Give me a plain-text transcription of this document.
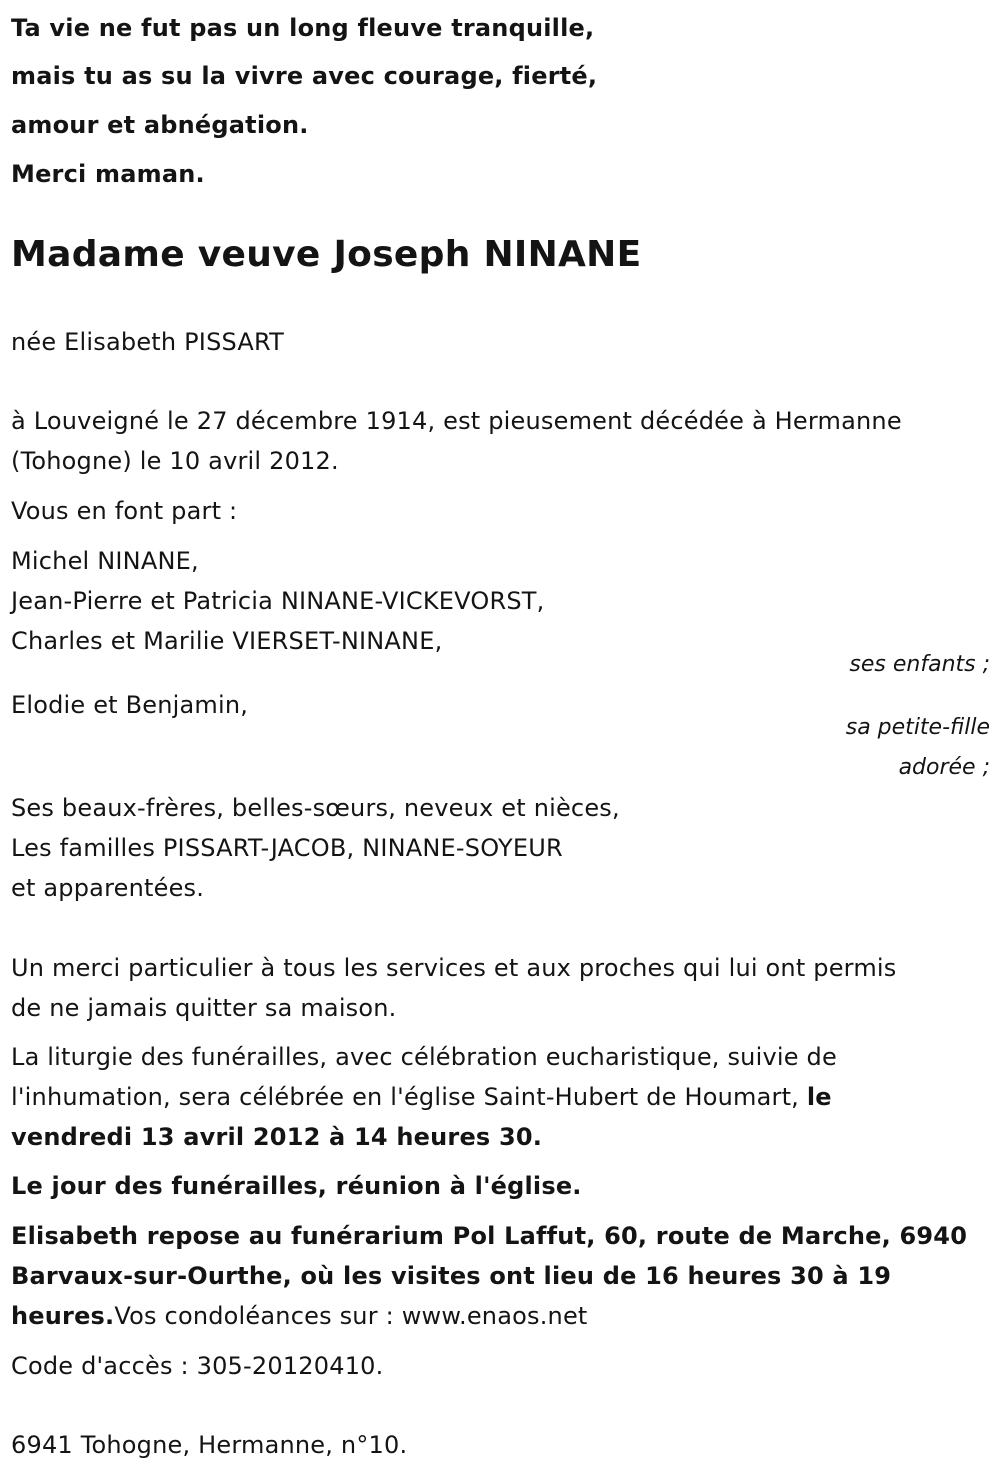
Ta vie ne fut pas un long fleuve tranquille,

mais tu as su la vivre avec courage, fierté,

amour et abnégation.

Merci maman.

Madame veuve Joseph NINANE

née Elisabeth PISSART

à Louveigné le 27 décembre 1914, est pieusement décédée à Hermanne

(Tohogne) le 10 avril 2012.

Vous en font part :

Michel NINANE,

Jean-Pierre et Patricia NINANE-VICKEVORST,

Charles et Marilie VIERSET-NINANE,

ses enfants ;

Elodie et Benjamin,

sa petite-fille

adorée ;

Ses beaux-frères, belles-sœurs, neveux et nièces,

Les familles PISSART-JACOB, NINANE-SOYEUR

et apparentées.

Un merci particulier à tous les services et aux proches qui lui ont permis

de ne jamais quitter sa maison.

La liturgie des funérailles, avec célébration eucharistique, suivie de

l'inhumation, sera célébrée en l'église Saint-Hubert de Houmart, le

vendredi 13 avril 2012 à 14 heures 30.

Le jour des funérailles, réunion à l'église.

Elisabeth repose au funérarium Pol Laffut, 60, route de Marche, 6940

Barvaux-sur-Ourthe, où les visites ont lieu de 16 heures 30 à 19

heures.Vos condoléances sur : www.enaos.net

Code d'accès : 305-20120410.

6941 Tohogne, Hermanne, n°10.
